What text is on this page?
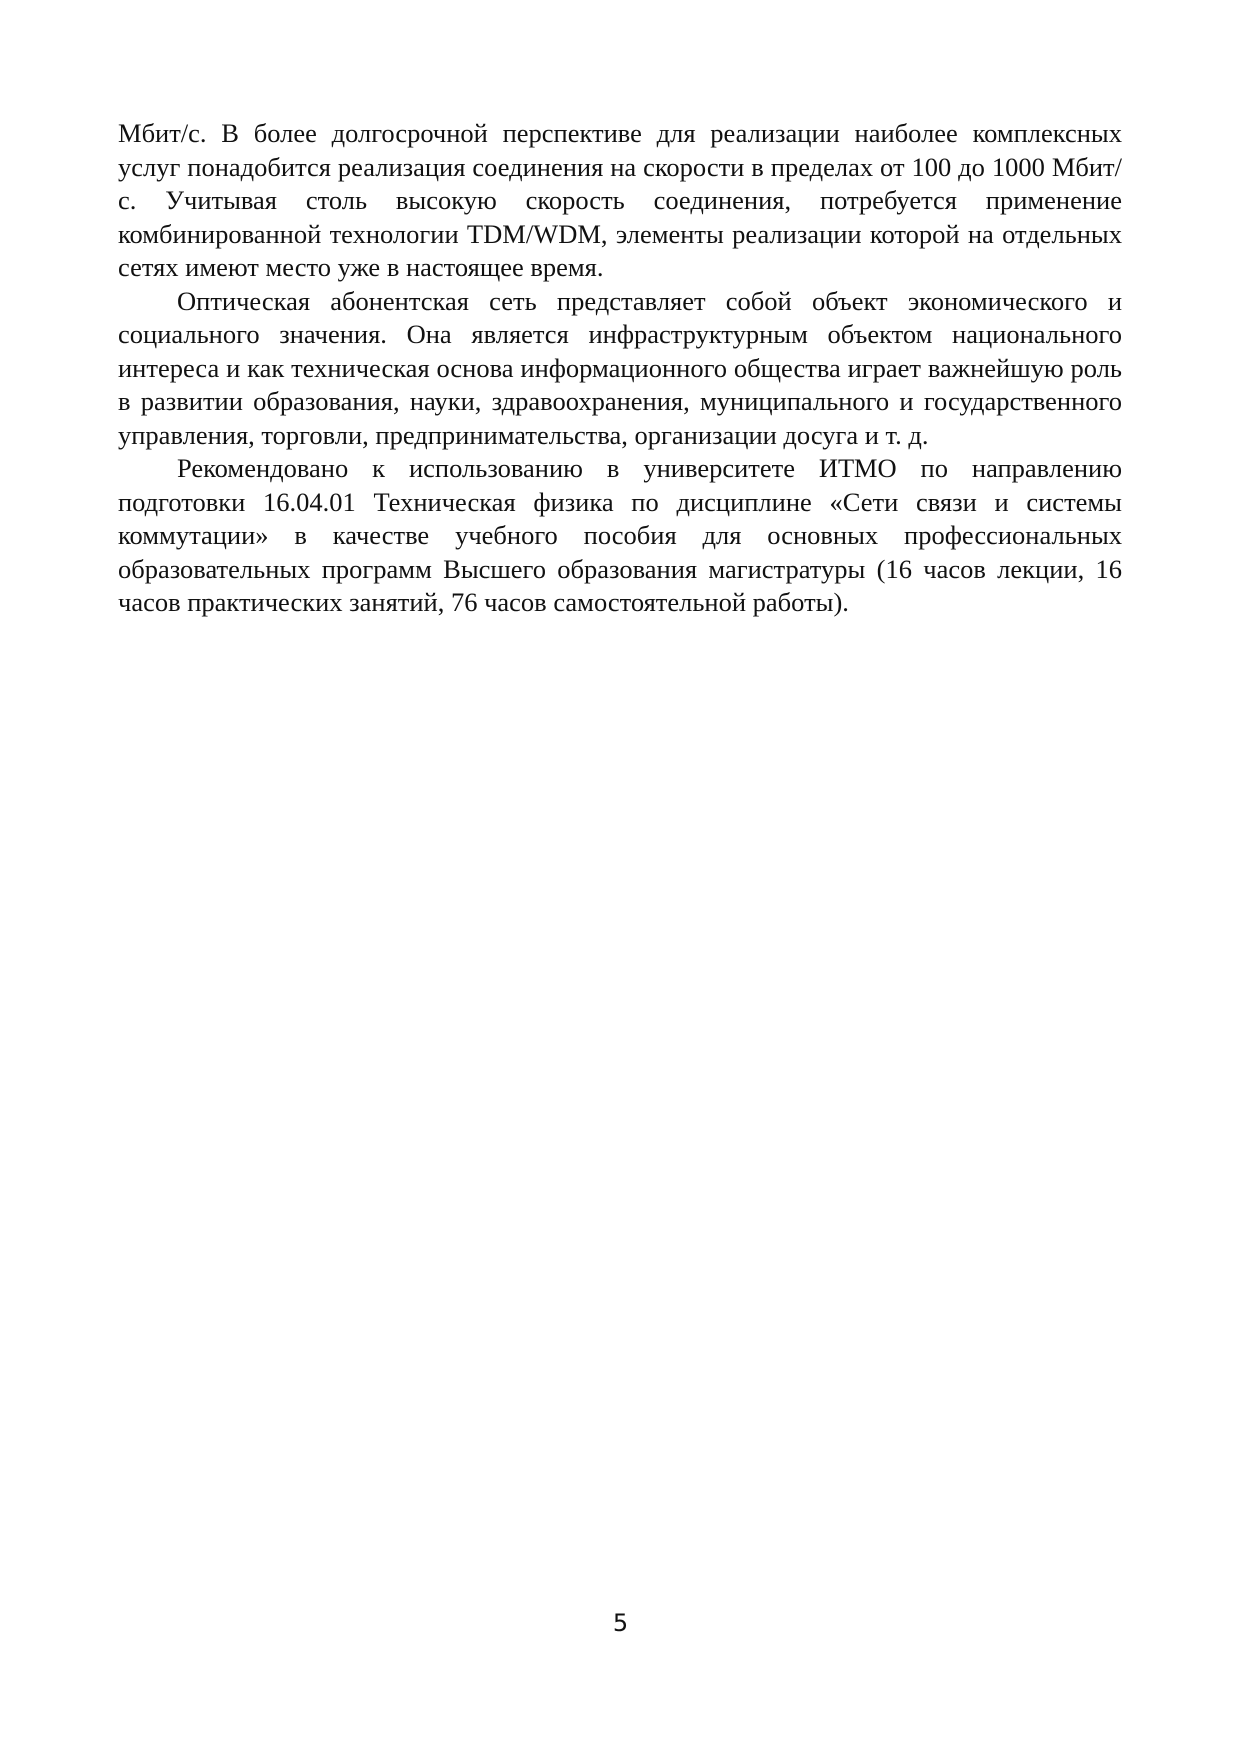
Мбит/с. В более долгосрочной перспективе для реализации наиболее комплексных услуг понадобится реализация соединения на скорости в пределах от 100 до 1000 Мбит/с. Учитывая столь высокую скорость соединения, потребуется применение комбинированной технологии TDM/WDM, элементы реализации которой на отдельных сетях имеют место уже в настоящее время.

Оптическая абонентская сеть представляет собой объект экономического и социального значения. Она является инфраструктурным объектом национального интереса и как техническая основа информационного общества играет важнейшую роль в развитии образования, науки, здравоохранения, муниципального и государственного управления, торговли, предпринимательства, организации досуга и т. д.

Рекомендовано к использованию в университете ИТМО по направлению подготовки 16.04.01 Техническая физика по дисциплине «Сети связи и системы коммутации» в качестве учебного пособия для основных профессиональных образовательных программ Высшего образования магистратуры (16 часов лекции, 16 часов практических занятий, 76 часов самостоятельной работы).

5
